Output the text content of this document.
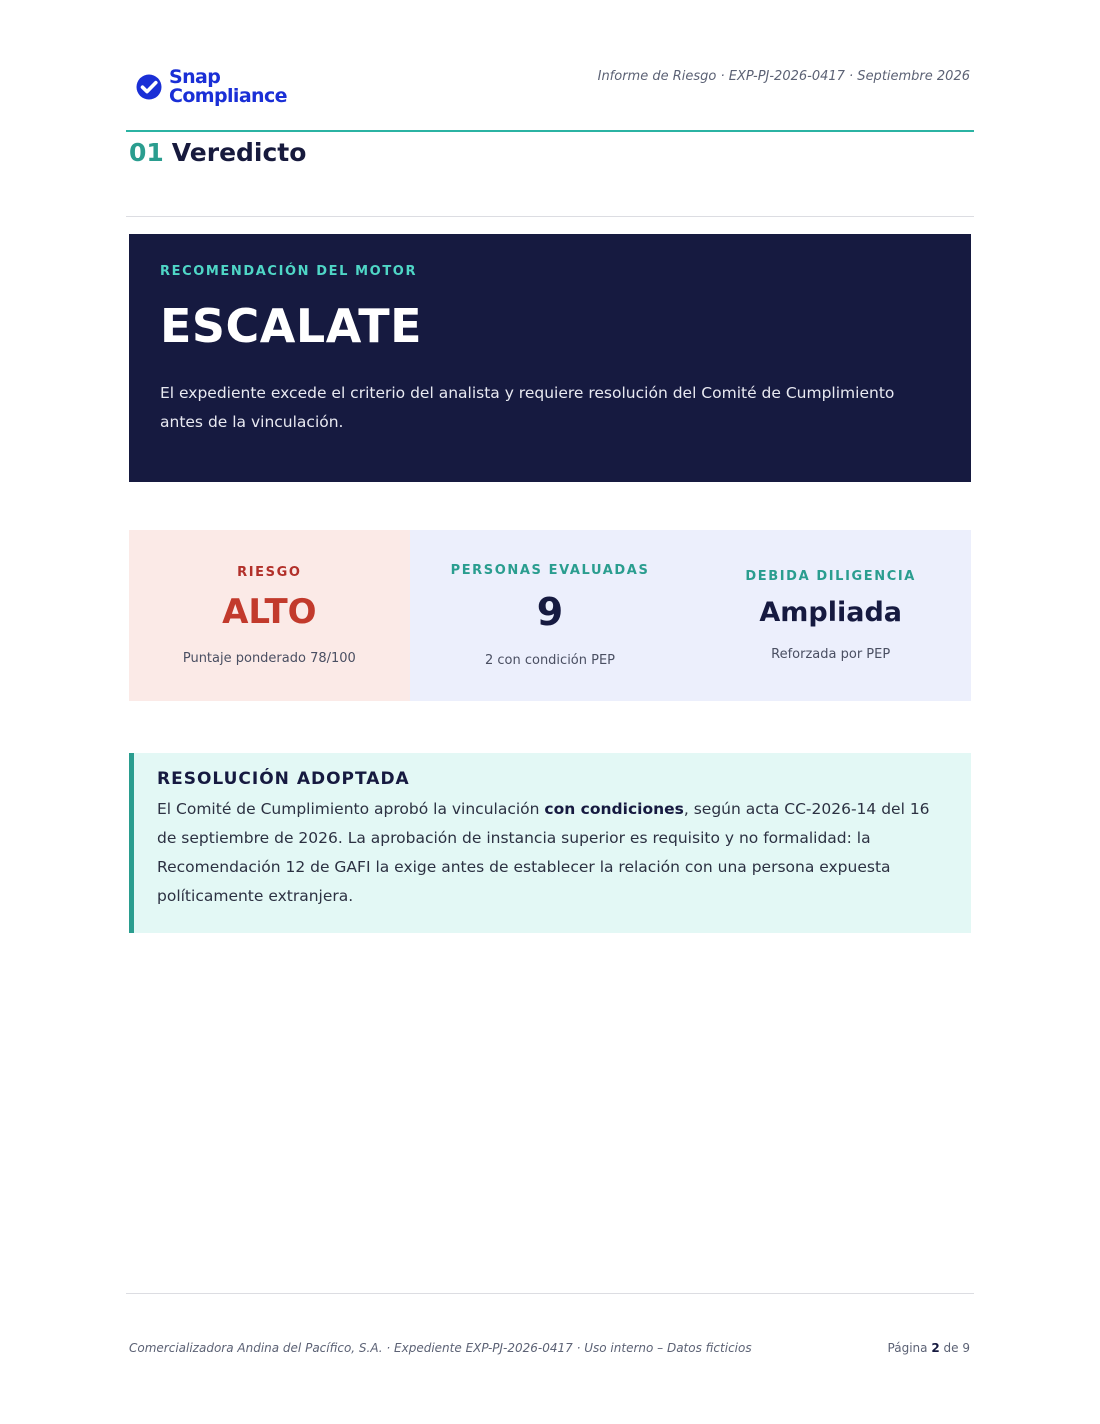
Snap
Compliance
Informe de Riesgo · EXP-PJ-2026-0417 · Septiembre 2026
01 Veredicto
RECOMENDACIÓN DEL MOTOR
ESCALATE
El expediente excede el criterio del analista y requiere resolución del Comité de Cumplimiento antes de la vinculación.
RIESGO
ALTO
Puntaje ponderado 78/100
PERSONAS EVALUADAS
9
2 con condición PEP
DEBIDA DILIGENCIA
Ampliada
Reforzada por PEP
RESOLUCIÓN ADOPTADA
El Comité de Cumplimiento aprobó la vinculación con condiciones, según acta CC-2026-14 del 16 de septiembre de 2026. La aprobación de instancia superior es requisito y no formalidad: la Recomendación 12 de GAFI la exige antes de establecer la relación con una persona expuesta políticamente extranjera.
Comercializadora Andina del Pacífico, S.A. · Expediente EXP-PJ-2026-0417 · Uso interno – Datos ficticios	Página 2 de 9
